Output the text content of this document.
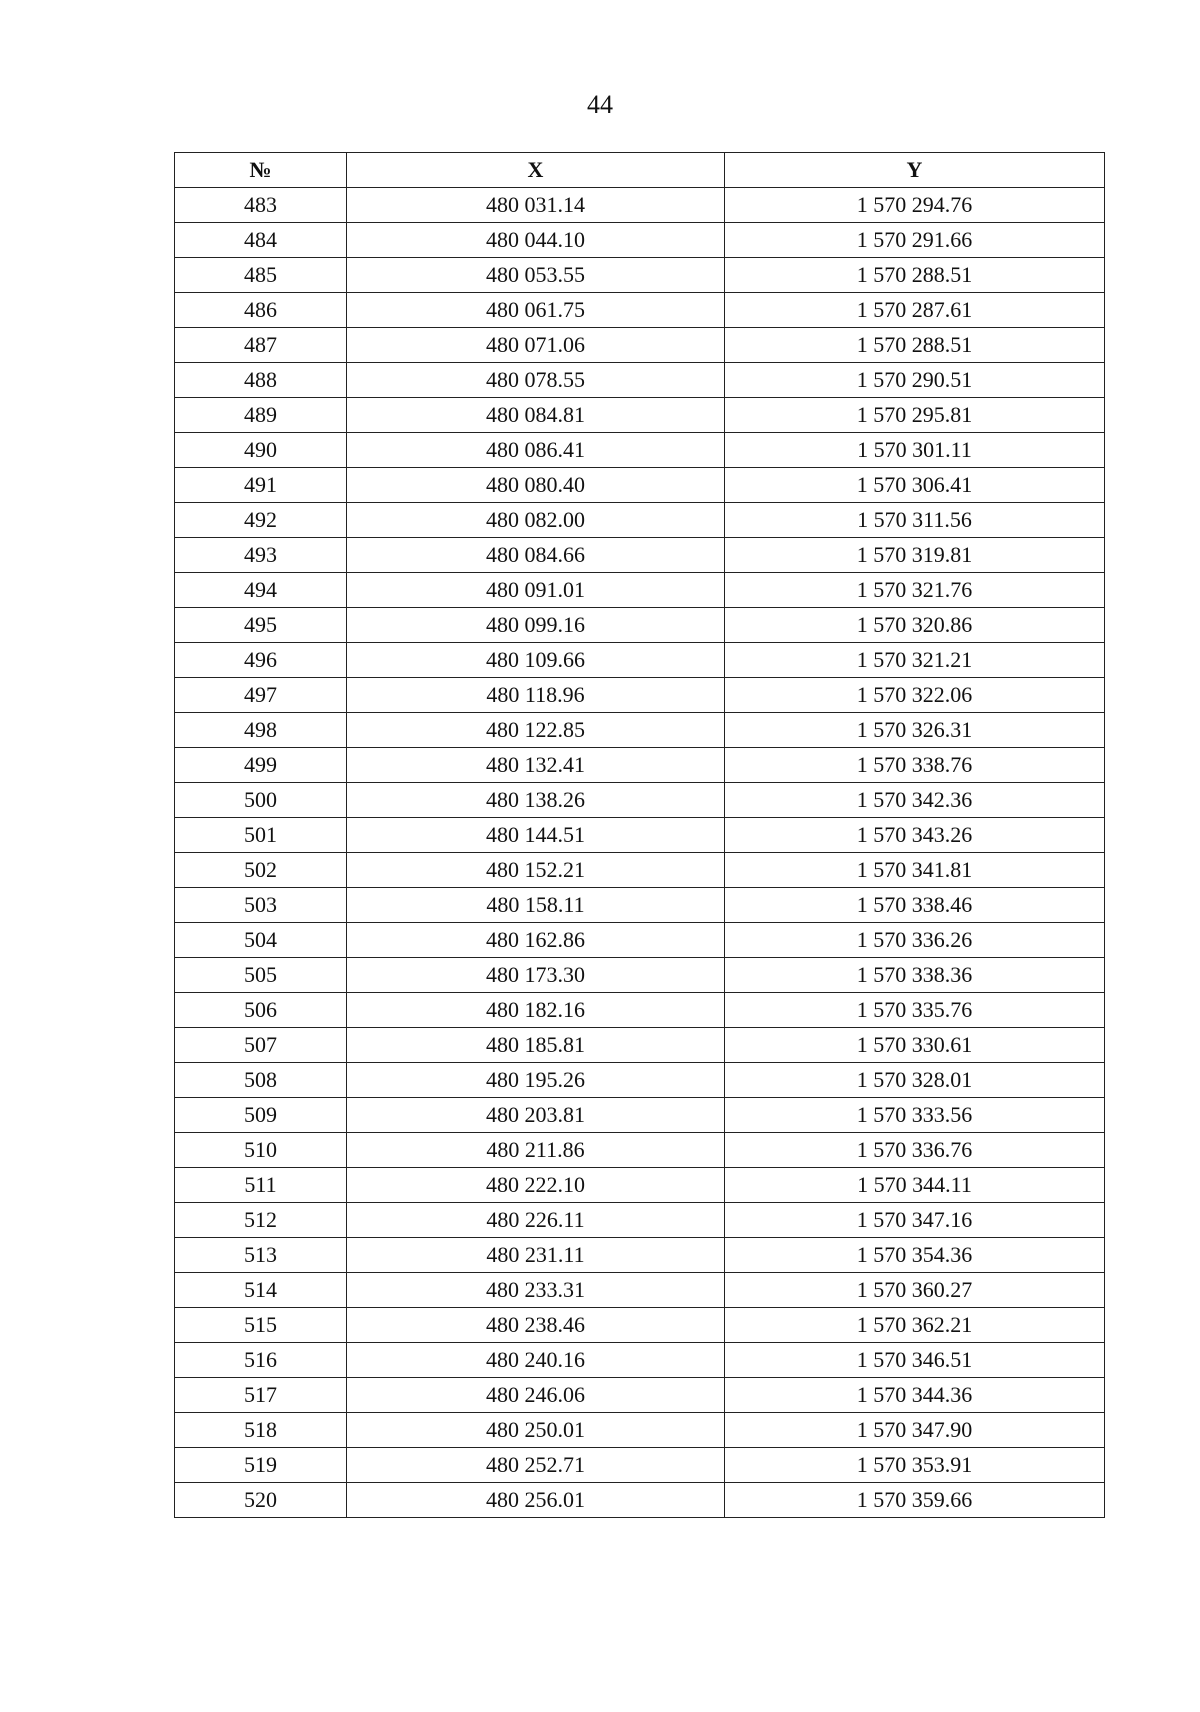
44
№	X	Y
483	480 031.14	1 570 294.76
484	480 044.10	1 570 291.66
485	480 053.55	1 570 288.51
486	480 061.75	1 570 287.61
487	480 071.06	1 570 288.51
488	480 078.55	1 570 290.51
489	480 084.81	1 570 295.81
490	480 086.41	1 570 301.11
491	480 080.40	1 570 306.41
492	480 082.00	1 570 311.56
493	480 084.66	1 570 319.81
494	480 091.01	1 570 321.76
495	480 099.16	1 570 320.86
496	480 109.66	1 570 321.21
497	480 118.96	1 570 322.06
498	480 122.85	1 570 326.31
499	480 132.41	1 570 338.76
500	480 138.26	1 570 342.36
501	480 144.51	1 570 343.26
502	480 152.21	1 570 341.81
503	480 158.11	1 570 338.46
504	480 162.86	1 570 336.26
505	480 173.30	1 570 338.36
506	480 182.16	1 570 335.76
507	480 185.81	1 570 330.61
508	480 195.26	1 570 328.01
509	480 203.81	1 570 333.56
510	480 211.86	1 570 336.76
511	480 222.10	1 570 344.11
512	480 226.11	1 570 347.16
513	480 231.11	1 570 354.36
514	480 233.31	1 570 360.27
515	480 238.46	1 570 362.21
516	480 240.16	1 570 346.51
517	480 246.06	1 570 344.36
518	480 250.01	1 570 347.90
519	480 252.71	1 570 353.91
520	480 256.01	1 570 359.66
